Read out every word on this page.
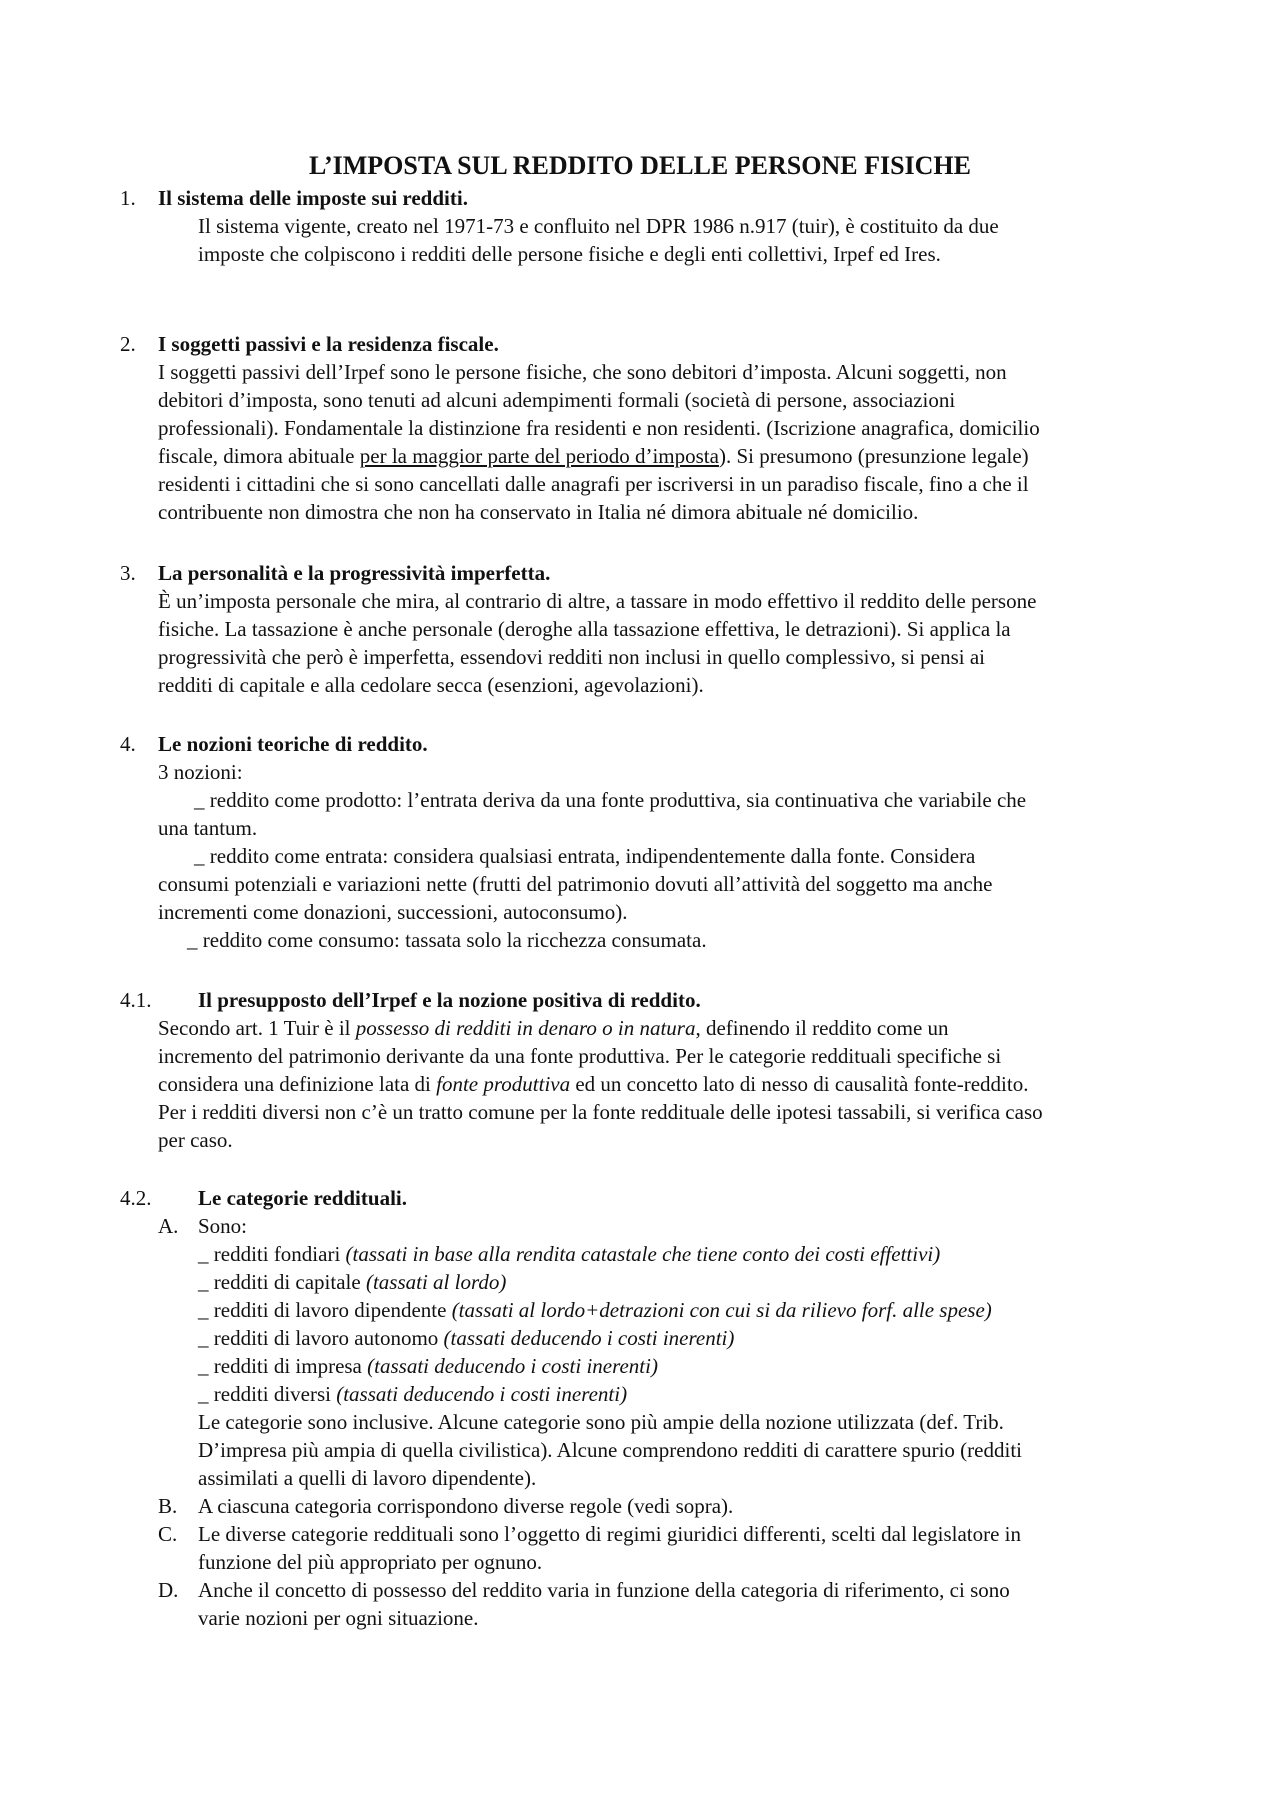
L’IMPOSTA SUL REDDITO DELLE PERSONE FISICHE
1. Il sistema delle imposte sui redditi.
Il sistema vigente, creato nel 1971-73 e confluito nel DPR 1986 n.917 (tuir), è costituito da due
imposte che colpiscono i redditi delle persone fisiche e degli enti collettivi, Irpef ed Ires.
2. I soggetti passivi e la residenza fiscale.
I soggetti passivi dell’Irpef sono le persone fisiche, che sono debitori d’imposta. Alcuni soggetti, non
debitori d’imposta, sono tenuti ad alcuni adempimenti formali (società di persone, associazioni
professionali). Fondamentale la distinzione fra residenti e non residenti. (Iscrizione anagrafica, domicilio
fiscale, dimora abituale per la maggior parte del periodo d’imposta). Si presumono (presunzione legale)
residenti i cittadini che si sono cancellati dalle anagrafi per iscriversi in un paradiso fiscale, fino a che il
contribuente non dimostra che non ha conservato in Italia né dimora abituale né domicilio.
3. La personalità e la progressività imperfetta.
È un’imposta personale che mira, al contrario di altre, a tassare in modo effettivo il reddito delle persone
fisiche. La tassazione è anche personale (deroghe alla tassazione effettiva, le detrazioni). Si applica la
progressività che però è imperfetta, essendovi redditi non inclusi in quello complessivo, si pensi ai
redditi di capitale e alla cedolare secca (esenzioni, agevolazioni).
4. Le nozioni teoriche di reddito.
3 nozioni:
_ reddito come prodotto: l’entrata deriva da una fonte produttiva, sia continuativa che variabile che
una tantum.
_ reddito come entrata: considera qualsiasi entrata, indipendentemente dalla fonte. Considera
consumi potenziali e variazioni nette (frutti del patrimonio dovuti all’attività del soggetto ma anche
incrementi come donazioni, successioni, autoconsumo).
_ reddito come consumo: tassata solo la ricchezza consumata.
4.1. Il presupposto dell’Irpef e la nozione positiva di reddito.
Secondo art. 1 Tuir è il possesso di redditi in denaro o in natura, definendo il reddito come un
incremento del patrimonio derivante da una fonte produttiva. Per le categorie reddituali specifiche si
considera una definizione lata di fonte produttiva ed un concetto lato di nesso di causalità fonte-reddito.
Per i redditi diversi non c’è un tratto comune per la fonte reddituale delle ipotesi tassabili, si verifica caso
per caso.
4.2. Le categorie reddituali.
A. Sono:
_ redditi fondiari (tassati in base alla rendita catastale che tiene conto dei costi effettivi)
_ redditi di capitale (tassati al lordo)
_ redditi di lavoro dipendente (tassati al lordo+detrazioni con cui si da rilievo forf. alle spese)
_ redditi di lavoro autonomo (tassati deducendo i costi inerenti)
_ redditi di impresa (tassati deducendo i costi inerenti)
_ redditi diversi (tassati deducendo i costi inerenti)
Le categorie sono inclusive. Alcune categorie sono più ampie della nozione utilizzata (def. Trib.
D’impresa più ampia di quella civilistica). Alcune comprendono redditi di carattere spurio (redditi
assimilati a quelli di lavoro dipendente).
B. A ciascuna categoria corrispondono diverse regole (vedi sopra).
C. Le diverse categorie reddituali sono l’oggetto di regimi giuridici differenti, scelti dal legislatore in
funzione del più appropriato per ognuno.
D. Anche il concetto di possesso del reddito varia in funzione della categoria di riferimento, ci sono
varie nozioni per ogni situazione.
